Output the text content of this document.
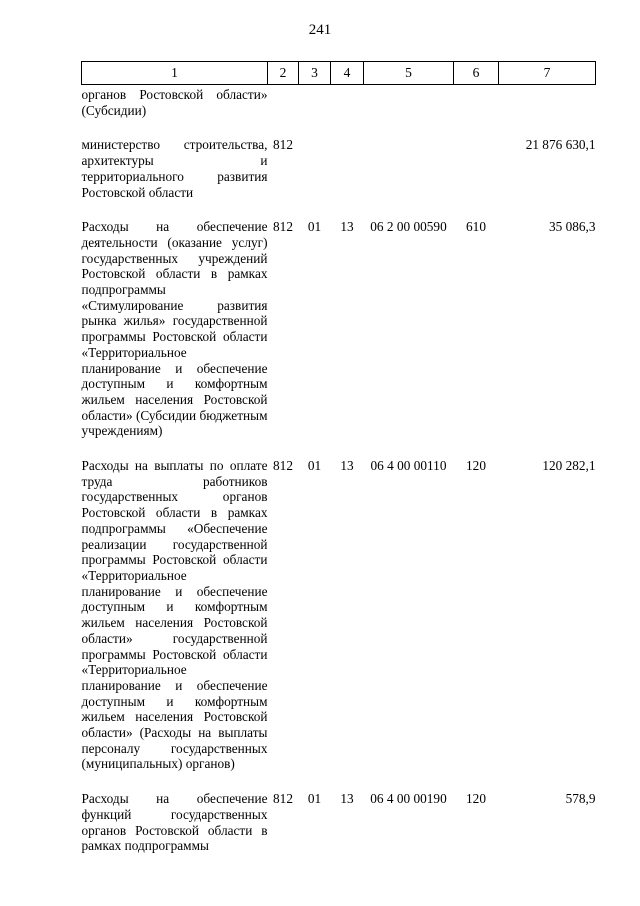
241
1	2	3	4	5	6	7
органов Ростовской области» (Субсидии)						

министерство строительства, архитектуры и территориального развития Ростовской области	812					21 876 630,1

Расходы на обеспечение деятельности (оказание услуг) государственных учреждений Ростовской области в рамках подпрограммы «Стимулирование развития рынка жилья» государственной программы Ростовской области «Территориальное планирование и обеспечение доступным и комфортным жильем населения Ростовской области» (Субсидии бюджетным учреждениям)	812	01	13	06 2 00 00590	610	35 086,3

Расходы на выплаты по оплате труда работников государственных органов Ростовской области в рамках подпрограммы «Обеспечение реализации государственной программы Ростовской области «Территориальное планирование и обеспечение доступным и комфортным жильем населения Ростовской области» государственной программы Ростовской области «Территориальное планирование и обеспечение доступным и комфортным жильем населения Ростовской области» (Расходы на выплаты персоналу государственных (муниципальных) органов)	812	01	13	06 4 00 00110	120	120 282,1

Расходы на обеспечение функций государственных органов Ростовской области в рамках подпрограммы	812	01	13	06 4 00 00190	120	578,9
